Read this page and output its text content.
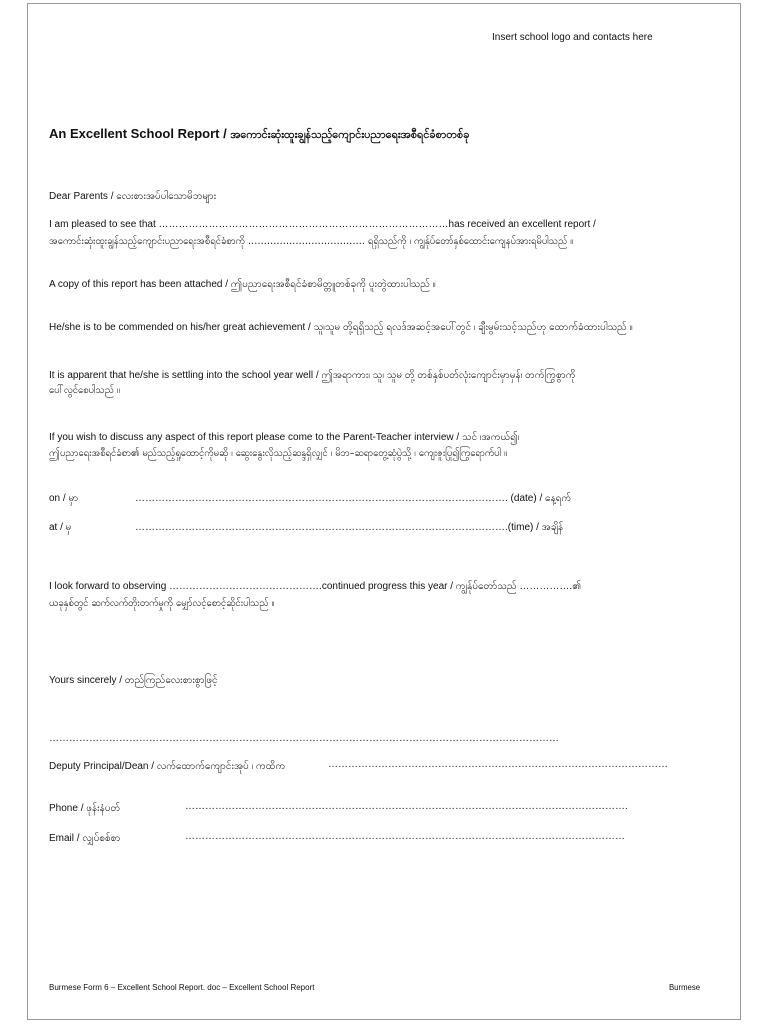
Insert school logo and contacts here
An Excellent School Report / အကောင်းဆုံးထူးချွန်သည့်ကျောင်းပညာရေးအစီရင်ခံစာတစ်ခု
Dear Parents / လေးစားအပ်ပါသောမိဘများ
I am pleased to see that ……………………………………………………………………………has received an excellent report /
အကောင်းဆုံးထူးချွန်သည့်ကျောင်းပညာရေးအစီရင်ခံစာကို ………………………………. ရရှိသည်ကို ၊ ကျွန်ုပ်တော်နှစ်ထောင်းကျေနပ်အားရမိပါသည် ။
A copy of this report has been attached / ဤပညာရေးအစီရင်ခံစာမိတ္တူတစ်ခုကို ပူးတွဲထားပါသည် ။
He/she is to be commended on his/her great achievement / သူ၊သူမ တို့ရရှိသည့် ရလဒ်အဆင့်အပေါ်တွင် ၊ ချီးမွမ်းသင့်သည်ဟု ထောက်ခံထားပါသည် ။
It is apparent that he/she is settling into the school year well / ဤအရာကား၊ သူ၊ သူမ တို့ တစ်နှစ်ပတ်လုံးကျောင်းမှာမှန်၊ တက်ကြွစွာကို
ပေါ်လွင်စေပါသည် ။
If you wish to discuss any aspect of this report please come to the Parent-Teacher interview / သင် ၊အကယ်၍၊
ဤပညာရေးအစီရင်ခံစာ၏ မည်သည့်ရှုထောင့်ကိုမဆို ၊ ဆွေးနွေးလိုသည့်ဆန္ဒရှိလျှင် ၊ မိဘ–ဆရာတွေ့ဆုံပွဲသို့ ၊ ကျေးဇူးပြု၍ကြွရောက်ပါ ။
on / မှာ	…………………………………………………………………………………………………. (date) / နေ့ရက်
at / မှ	………………………………………………………………………………………………….(time) / အချိန်
I look forward to observing ……………………………………….continued progress this year / ကျွန်ုပ်တော်သည် …………….၏
ယခုနှစ်တွင် ဆက်လက်တိုးတက်မှုကို မျှော်လင့်စောင့်ဆိုင်းပါသည် ။
Yours sincerely / တည်ကြည်လေးစားစွာဖြင့်
………………………………………………………………………………………………………………………………………
Deputy Principal/Dean / လက်ထောက်ကျောင်းအုပ် ၊ ကထိက	…………………………………………………………………………………………
Phone / ဖုန်းနံပတ်	…………………………………………………………………………………………………………………….
Email / လျှပ်စစ်စာ	……………………………………………………………………………………………………………………
Burmese Form 6 – Excellent School Report. doc – Excellent School Report	Burmese
